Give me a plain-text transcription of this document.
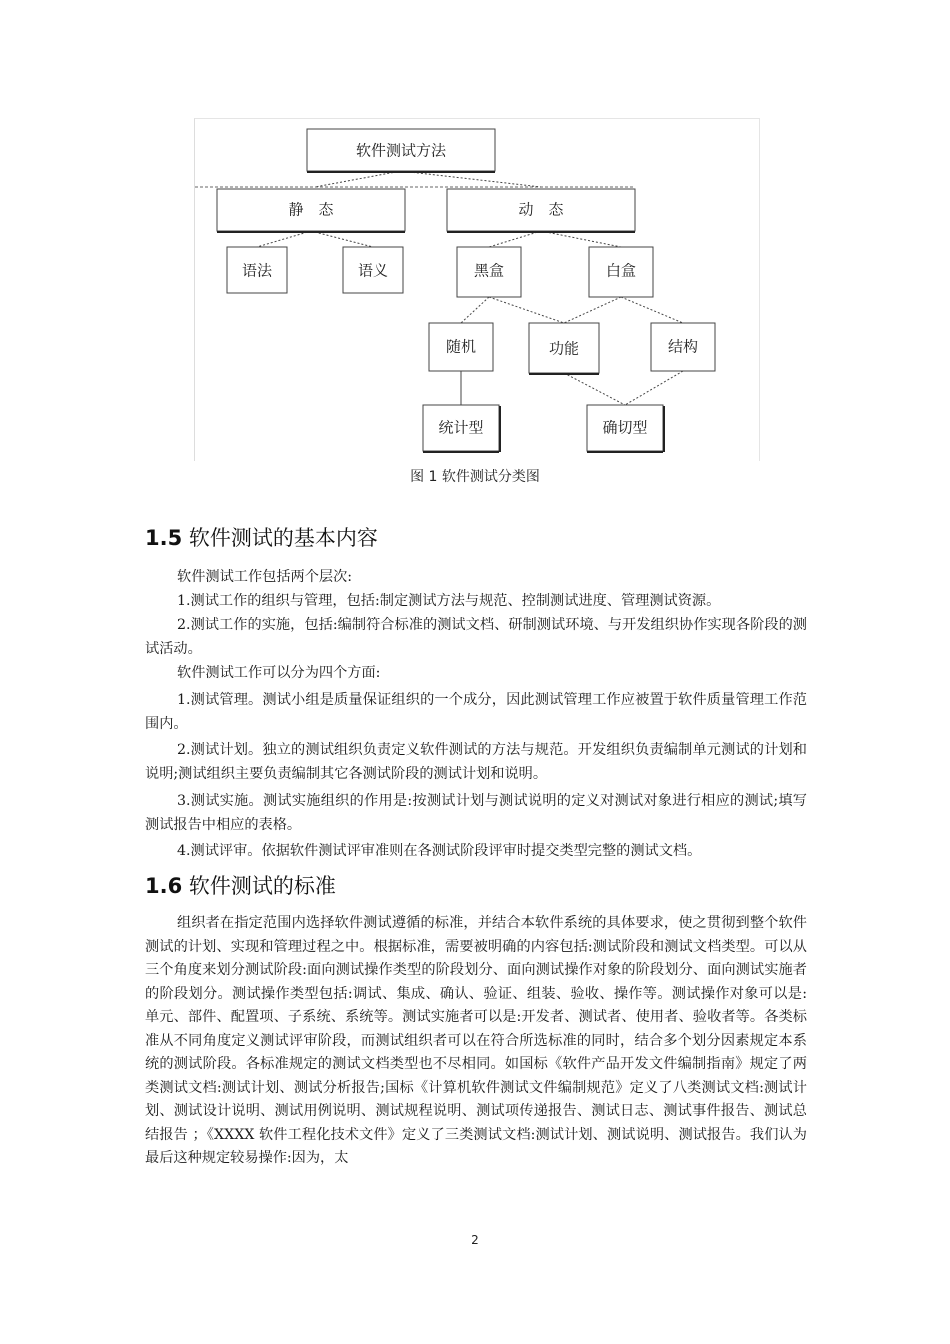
软件测试方法
静　态	动　态
语法	语义	黑盒	白盒
随机	功能	结构
统计型	确切型
图 1 软件测试分类图
1.5 软件测试的基本内容

软件测试工作包括两个层次:

1.测试工作的组织与管理，包括:制定测试方法与规范、控制测试进度、管理测试资源。

2.测试工作的实施，包括:编制符合标准的测试文档、研制测试环境、与开发组织协作实现各阶段的测试活动。

软件测试工作可以分为四个方面:

1.测试管理。测试小组是质量保证组织的一个成分，因此测试管理工作应被置于软件质量管理工作范围内。

2.测试计划。独立的测试组织负责定义软件测试的方法与规范。开发组织负责编制单元测试的计划和说明;测试组织主要负责编制其它各测试阶段的测试计划和说明。

3.测试实施。测试实施组织的作用是:按测试计划与测试说明的定义对测试对象进行相应的测试;填写测试报告中相应的表格。

4.测试评审。依据软件测试评审准则在各测试阶段评审时提交类型完整的测试文档。

1.6 软件测试的标准

组织者在指定范围内选择软件测试遵循的标准，并结合本软件系统的具体要求，使之贯彻到整个软件测试的计划、实现和管理过程之中。根据标准，需要被明确的内容包括:测试阶段和测试文档类型。可以从三个角度来划分测试阶段:面向测试操作类型的阶段划分、面向测试操作对象的阶段划分、面向测试实施者的阶段划分。测试操作类型包括:调试、集成、确认、验证、组装、验收、操作等。测试操作对象可以是:单元、部件、配置项、子系统、系统等。测试实施者可以是:开发者、测试者、使用者、验收者等。各类标准从不同角度定义测试评审阶段，而测试组织者可以在符合所选标准的同时，结合多个划分因素规定本系统的测试阶段。各标准规定的测试文档类型也不尽相同。如国标《软件产品开发文件编制指南》规定了两类测试文档:测试计划、测试分析报告;国标《计算机软件测试文件编制规范》定义了八类测试文档:测试计划、测试设计说明、测试用例说明、测试规程说明、测试项传递报告、测试日志、测试事件报告、测试总结报告 ；《XXXX 软件工程化技术文件》定义了三类测试文档:测试计划、测试说明、测试报告。我们认为最后这种规定较易操作:因为，太

2
